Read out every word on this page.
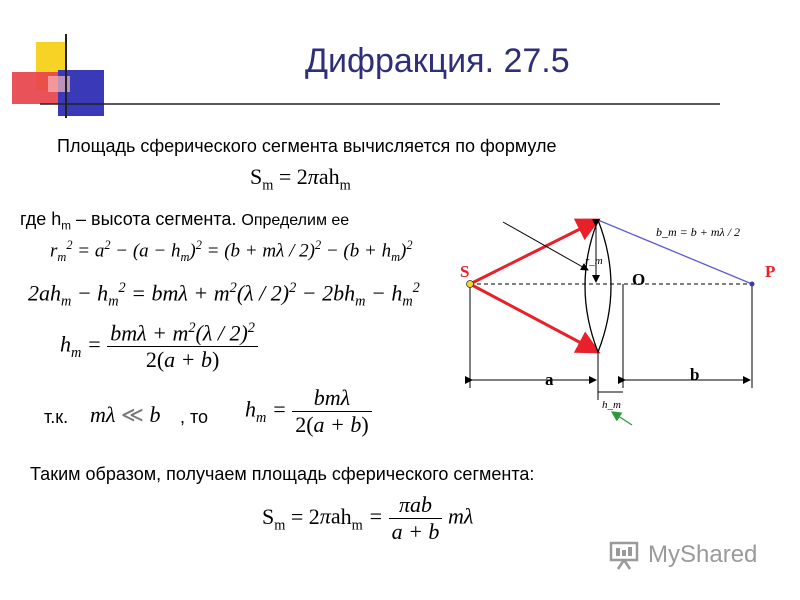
Дифракция. 27.5
Площадь сферического сегмента вычисляется по формуле
$S_m = 2\pi ah_m$
где $h_m$ – высота сегмента. Определим ее
$r_m^2 = a^2 - (a - h_m)^2 = (b + m\lambda / 2)^2 - (b + h_m)^2$
$2ah_m - h_m^2 = bm\lambda + m^2(\lambda / 2)^2 - 2bh_m - h_m^2$
$h_m = \frac{bm\lambda + m^2(\lambda / 2)^2}{2(a + b)}$
т.к. mλ ≪ b , то $h_m = \frac{\text{bmλ}}{2(a + b)}$
Таким образом, получаем площадь сферического сегмента:
$S_m = 2\pi ah_m = \frac{\text{πab}}{a + b}$ mλ
S	O	P
a	b
b_m = b + mλ / 2
r_m
h_m
MyShared
